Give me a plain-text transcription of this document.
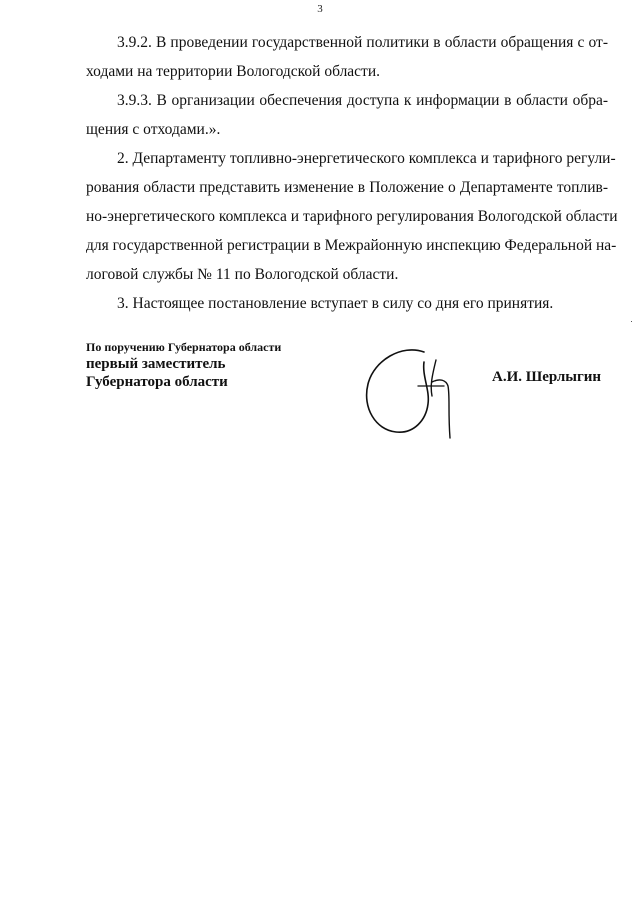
3
3.9.2. В проведении государственной политики в области обращения с от-
ходами на территории Вологодской области.
3.9.3. В организации обеспечения доступа к информации в области обра-
щения с отходами.».
2. Департаменту топливно-энергетического комплекса и тарифного регули-
рования области представить изменение в Положение о Департаменте топлив-
но-энергетического комплекса и тарифного регулирования Вологодской области
для государственной регистрации в Межрайонную инспекцию Федеральной на-
логовой службы № 11 по Вологодской области.
3. Настоящее постановление вступает в силу со дня его принятия.
По поручению Губернатора области
первый заместитель
Губернатора области	А.И. Шерлыгин
